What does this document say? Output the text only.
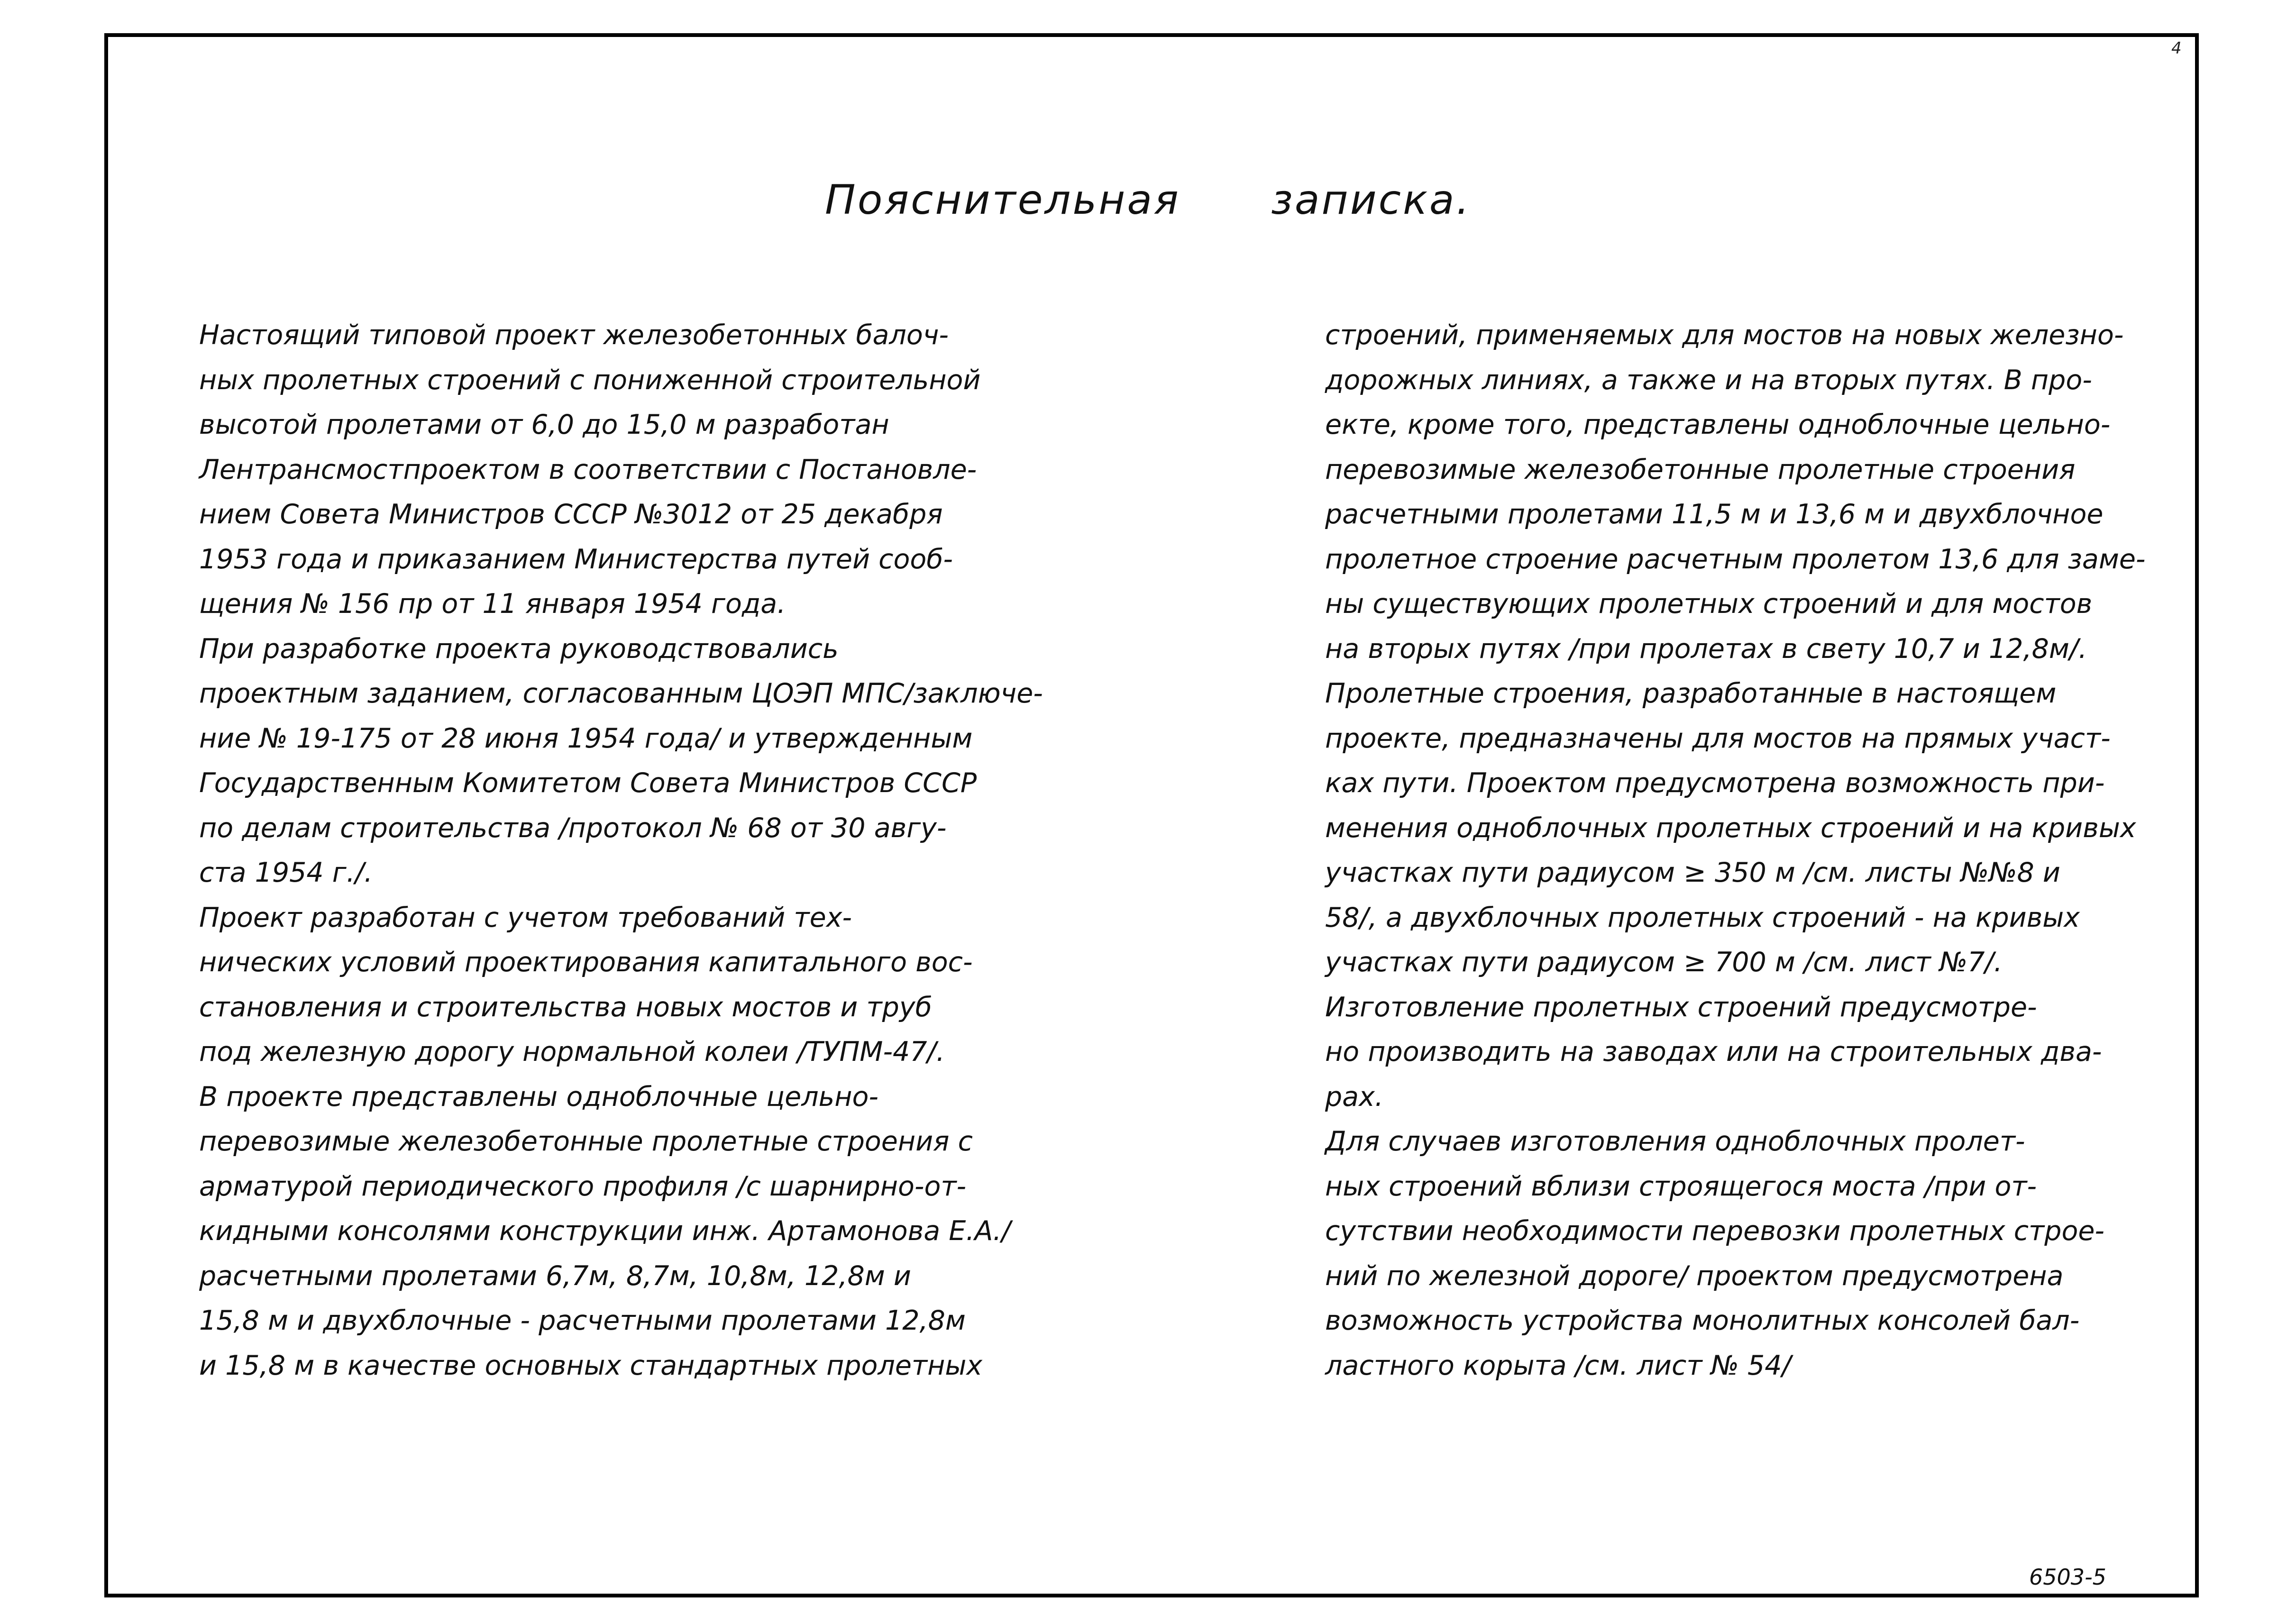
4
Пояснительная записка.
Настоящий типовой проект железобетонных балоч-
ных пролетных строений с пониженной строительной
высотой пролетами от 6,0 до 15,0 м разработан
Лентрансмостпроектом в соответствии с Постановле-
нием Совета Министров СССР №3012 от 25 декабря
1953 года и приказанием Министерства путей сооб-
щения № 156 пр от 11 января 1954 года.
При разработке проекта руководствовались
проектным заданием, согласованным ЦОЭП МПС/заключе-
ние № 19-175 от 28 июня 1954 года/ и утвержденным
Государственным Комитетом Совета Министров СССР
по делам строительства /протокол № 68 от 30 авгу-
ста 1954 г./.
Проект разработан с учетом требований тех-
нических условий проектирования капитального вос-
становления и строительства новых мостов и труб
под железную дорогу нормальной колеи /ТУПМ-47/.
В проекте представлены одноблочные цельно-
перевозимые железобетонные пролетные строения с
арматурой периодического профиля /с шарнирно-от-
кидными консолями конструкции инж. Артамонова Е.А./
расчетными пролетами 6,7м, 8,7м, 10,8м, 12,8м и
15,8 м и двухблочные - расчетными пролетами 12,8м
и 15,8 м в качестве основных стандартных пролетных
строений, применяемых для мостов на новых железно-
дорожных линиях, а также и на вторых путях. В про-
екте, кроме того, представлены одноблочные цельно-
перевозимые железобетонные пролетные строения
расчетными пролетами 11,5 м и 13,6 м и двухблочное
пролетное строение расчетным пролетом 13,6 для заме-
ны существующих пролетных строений и для мостов
на вторых путях /при пролетах в свету 10,7 и 12,8м/.
Пролетные строения, разработанные в настоящем
проекте, предназначены для мостов на прямых участ-
ках пути. Проектом предусмотрена возможность при-
менения одноблочных пролетных строений и на кривых
участках пути радиусом ≥ 350 м /см. листы №№8 и
58/, а двухблочных пролетных строений - на кривых
участках пути радиусом ≥ 700 м /см. лист №7/.
Изготовление пролетных строений предусмотре-
но производить на заводах или на строительных два-
рах.
Для случаев изготовления одноблочных пролет-
ных строений вблизи строящегося моста /при от-
сутствии необходимости перевозки пролетных строе-
ний по железной дороге/ проектом предусмотрена
возможность устройства монолитных консолей бал-
ластного корыта /см. лист № 54/
6503-5
